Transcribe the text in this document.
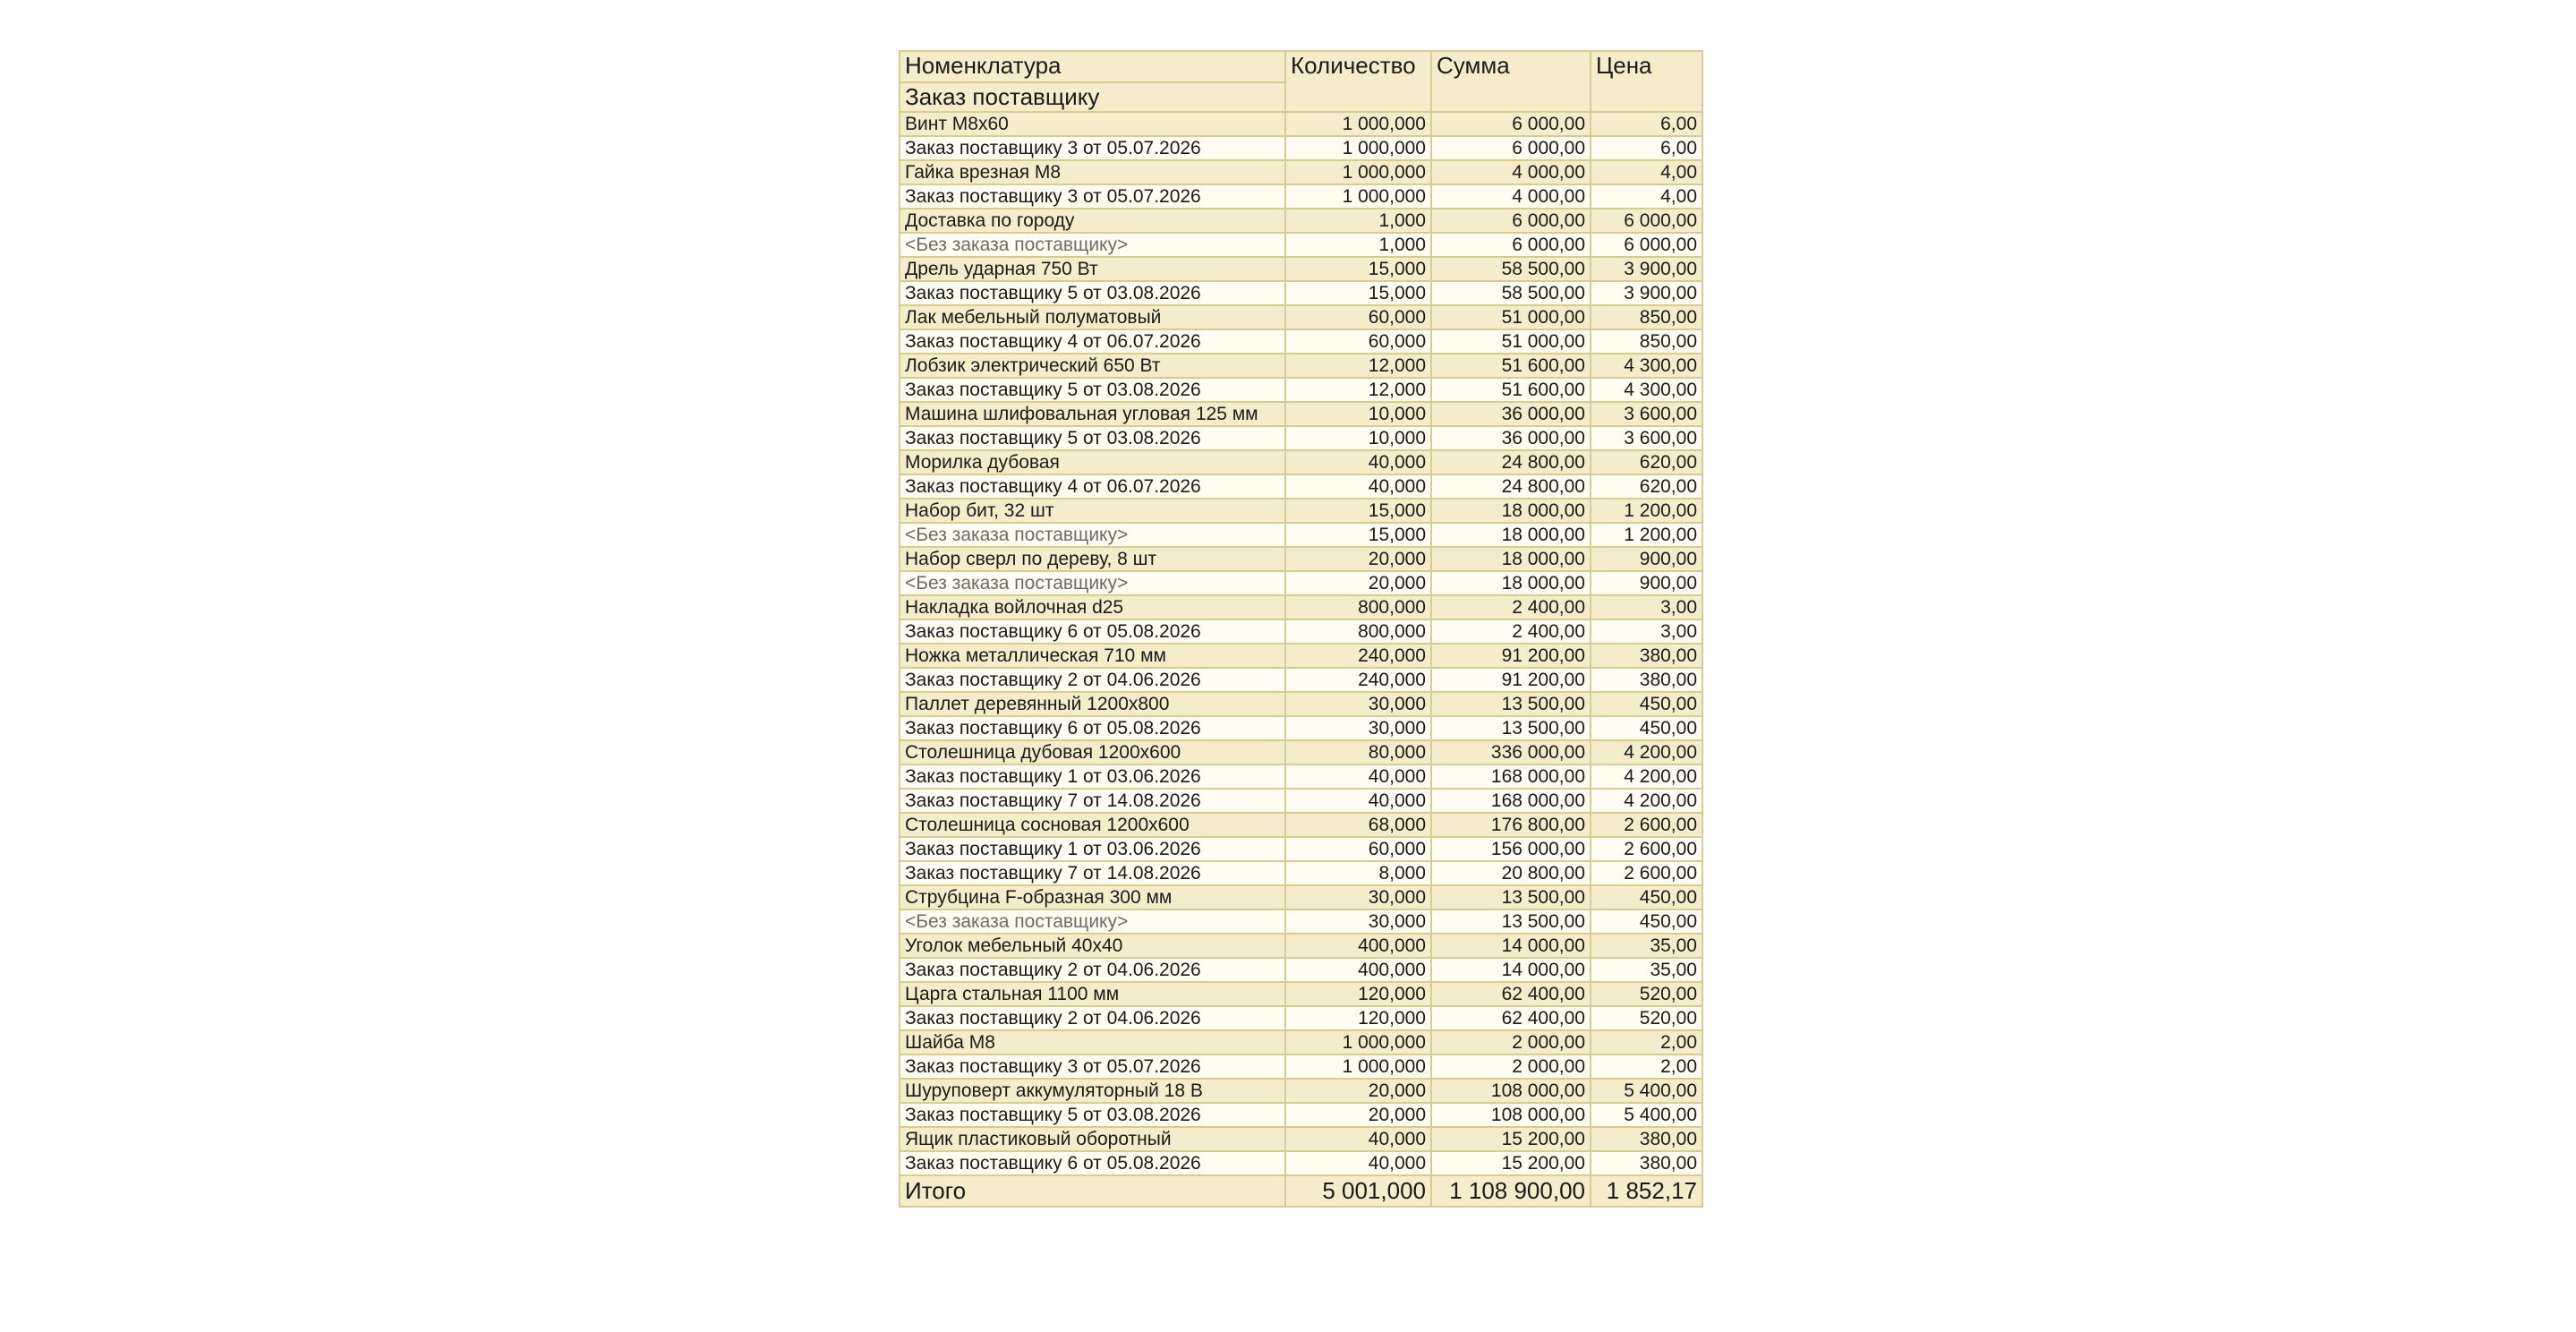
Номенклатура	Количество	Сумма	Цена
Заказ поставщику			
Винт М8х60	1 000,000	6 000,00	6,00
Заказ поставщику 3 от 05.07.2026	1 000,000	6 000,00	6,00
Гайка врезная М8	1 000,000	4 000,00	4,00
Заказ поставщику 3 от 05.07.2026	1 000,000	4 000,00	4,00
Доставка по городу	1,000	6 000,00	6 000,00
<Без заказа поставщику>	1,000	6 000,00	6 000,00
Дрель ударная 750 Вт	15,000	58 500,00	3 900,00
Заказ поставщику 5 от 03.08.2026	15,000	58 500,00	3 900,00
Лак мебельный полуматовый	60,000	51 000,00	850,00
Заказ поставщику 4 от 06.07.2026	60,000	51 000,00	850,00
Лобзик электрический 650 Вт	12,000	51 600,00	4 300,00
Заказ поставщику 5 от 03.08.2026	12,000	51 600,00	4 300,00
Машина шлифовальная угловая 125 мм	10,000	36 000,00	3 600,00
Заказ поставщику 5 от 03.08.2026	10,000	36 000,00	3 600,00
Морилка дубовая	40,000	24 800,00	620,00
Заказ поставщику 4 от 06.07.2026	40,000	24 800,00	620,00
Набор бит, 32 шт	15,000	18 000,00	1 200,00
<Без заказа поставщику>	15,000	18 000,00	1 200,00
Набор сверл по дереву, 8 шт	20,000	18 000,00	900,00
<Без заказа поставщику>	20,000	18 000,00	900,00
Накладка войлочная d25	800,000	2 400,00	3,00
Заказ поставщику 6 от 05.08.2026	800,000	2 400,00	3,00
Ножка металлическая 710 мм	240,000	91 200,00	380,00
Заказ поставщику 2 от 04.06.2026	240,000	91 200,00	380,00
Паллет деревянный 1200х800	30,000	13 500,00	450,00
Заказ поставщику 6 от 05.08.2026	30,000	13 500,00	450,00
Столешница дубовая 1200х600	80,000	336 000,00	4 200,00
Заказ поставщику 1 от 03.06.2026	40,000	168 000,00	4 200,00
Заказ поставщику 7 от 14.08.2026	40,000	168 000,00	4 200,00
Столешница сосновая 1200х600	68,000	176 800,00	2 600,00
Заказ поставщику 1 от 03.06.2026	60,000	156 000,00	2 600,00
Заказ поставщику 7 от 14.08.2026	8,000	20 800,00	2 600,00
Струбцина F-образная 300 мм	30,000	13 500,00	450,00
<Без заказа поставщику>	30,000	13 500,00	450,00
Уголок мебельный 40х40	400,000	14 000,00	35,00
Заказ поставщику 2 от 04.06.2026	400,000	14 000,00	35,00
Царга стальная 1100 мм	120,000	62 400,00	520,00
Заказ поставщику 2 от 04.06.2026	120,000	62 400,00	520,00
Шайба М8	1 000,000	2 000,00	2,00
Заказ поставщику 3 от 05.07.2026	1 000,000	2 000,00	2,00
Шуруповерт аккумуляторный 18 В	20,000	108 000,00	5 400,00
Заказ поставщику 5 от 03.08.2026	20,000	108 000,00	5 400,00
Ящик пластиковый оборотный	40,000	15 200,00	380,00
Заказ поставщику 6 от 05.08.2026	40,000	15 200,00	380,00
Итого	5 001,000	1 108 900,00	1 852,17
